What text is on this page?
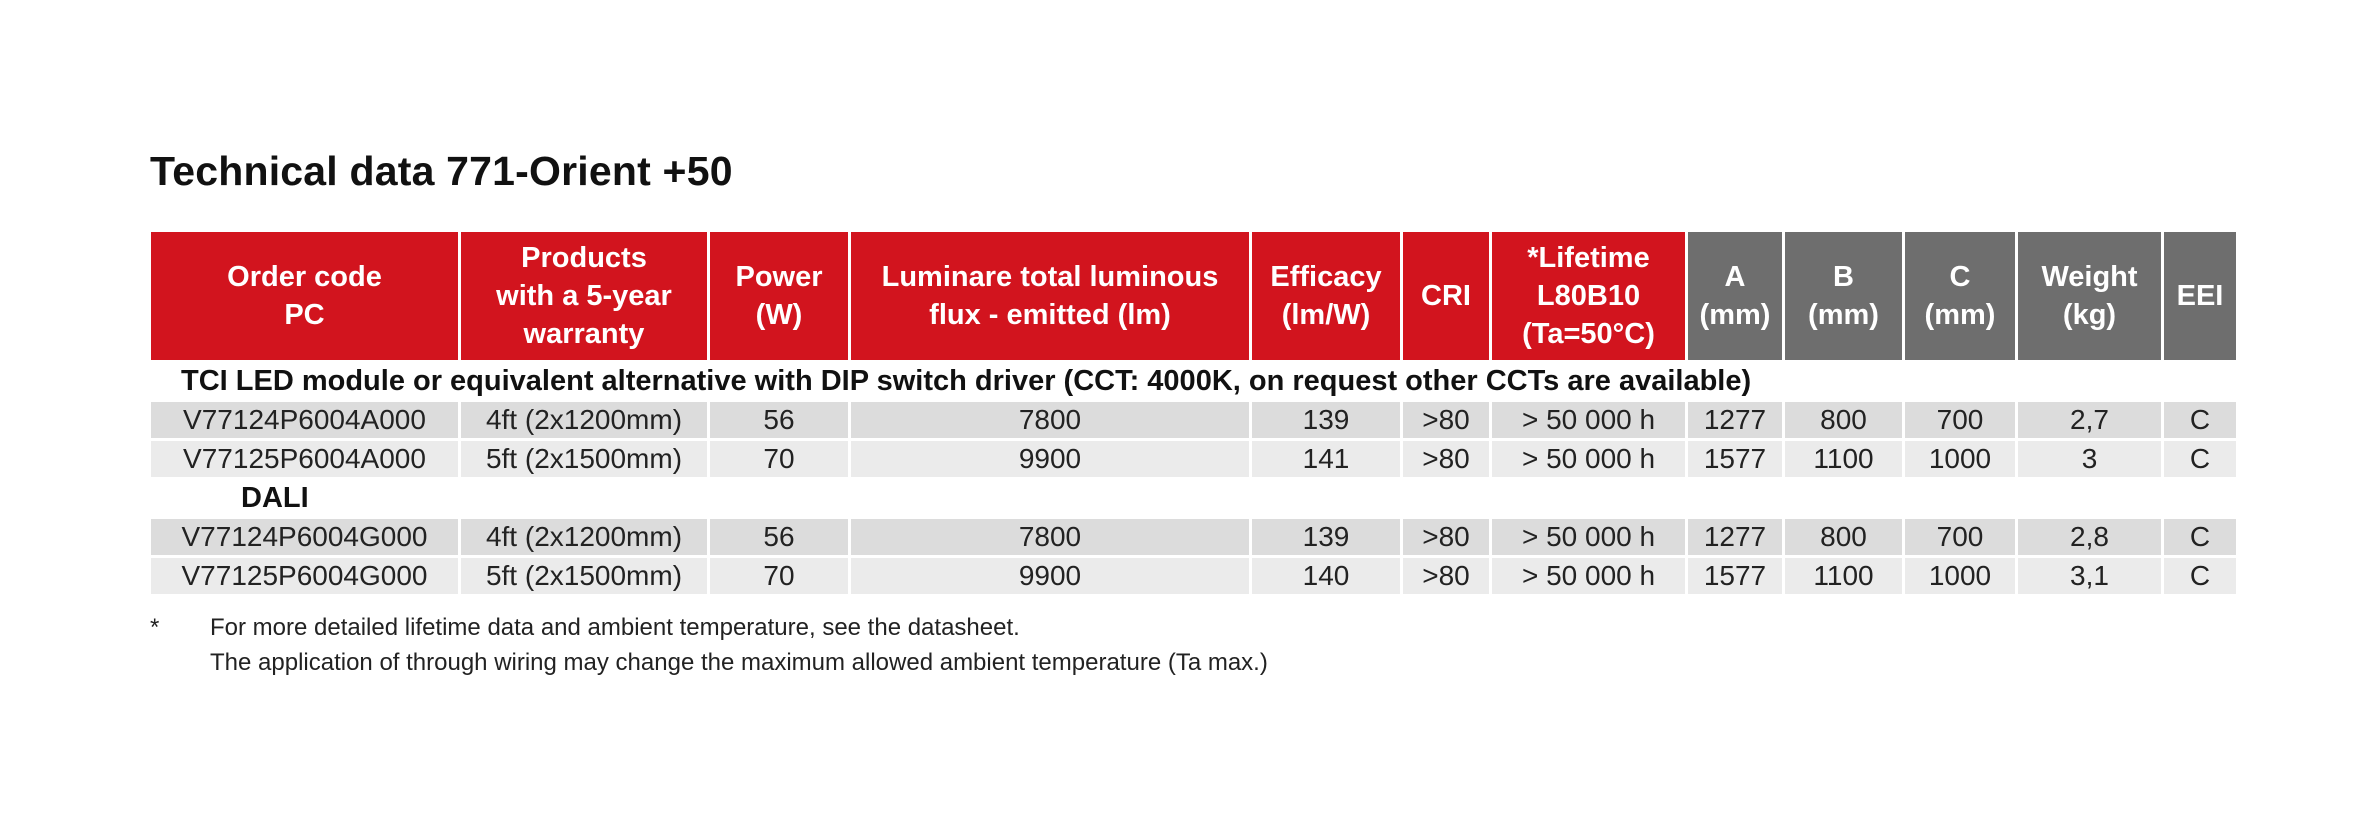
Technical data 771-Orient +50
Order code
PC	Products
with a 5-year
warranty	Power
(W)	Luminare total luminous
flux - emitted (lm)	Efficacy
(lm/W)	CRI	*Lifetime
L80B10
(Ta=50°C)	A
(mm)	B
(mm)	C
(mm)	Weight
(kg)	EEI
TCI LED module or equivalent alternative with DIP switch driver (CCT: 4000K, on request other CCTs are available)											
V77124P6004A000	4ft (2x1200mm)	56	7800	139	>80	> 50 000 h	1277	800	700	2,7	C
V77125P6004A000	5ft (2x1500mm)	70	9900	141	>80	> 50 000 h	1577	1100	1000	3	C
DALI											
V77124P6004G000	4ft (2x1200mm)	56	7800	139	>80	> 50 000 h	1277	800	700	2,8	C
V77125P6004G000	5ft (2x1500mm)	70	9900	140	>80	> 50 000 h	1577	1100	1000	3,1	C
* For more detailed lifetime data and ambient temperature, see the datasheet.
The application of through wiring may change the maximum allowed ambient temperature (Ta max.)
